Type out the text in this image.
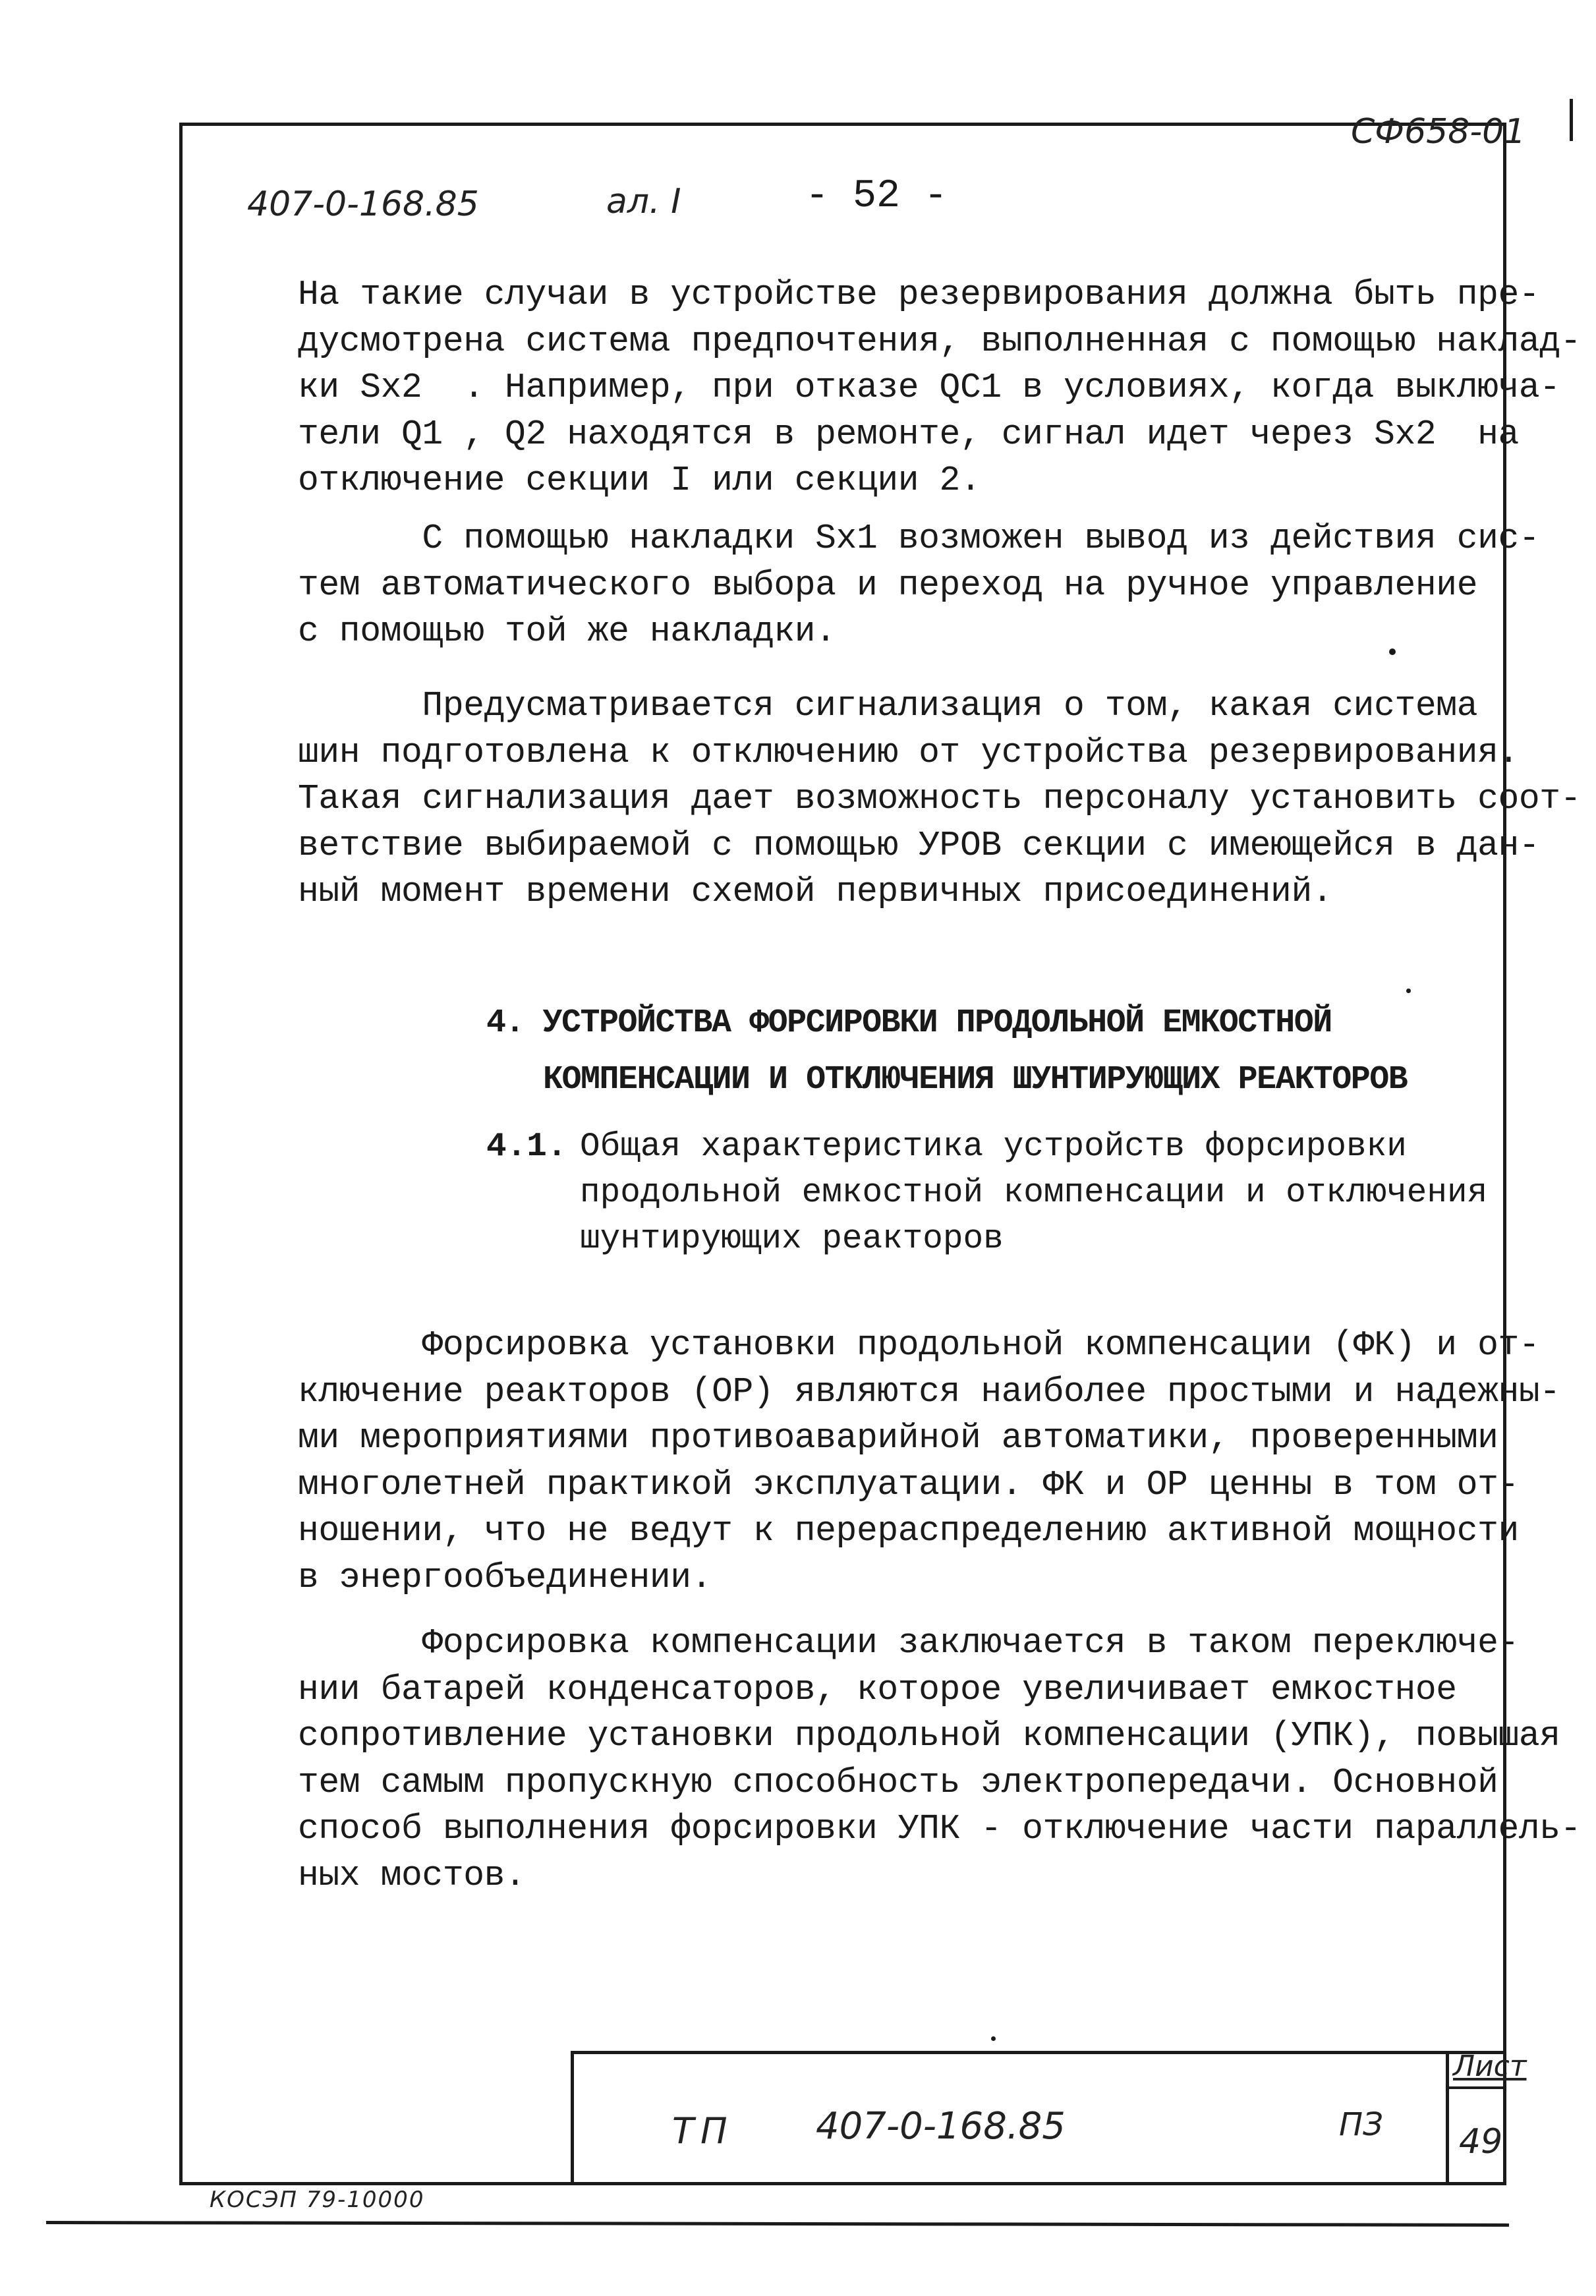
СФ658-01
407-0-168.85	ал. I	- 52 -
На такие случаи в устройстве резервирования должна быть пре-
дусмотрена система предпочтения, выполненная с помощью наклад-
ки Sх2  . Например, при отказе QC1 в условиях, когда выключа-
тели Q1 , Q2 находятся в ремонте, сигнал идет через Sх2  на
отключение секции I или секции 2.
С помощью накладки Sх1 возможен вывод из действия сис-
тем автоматического выбора и переход на ручное управление
с помощью той же накладки.
Предусматривается сигнализация о том, какая система
шин подготовлена к отключению от устройства резервирования.
Такая сигнализация дает возможность персоналу установить соот-
ветствие выбираемой с помощью УРОВ секции с имеющейся в дан-
ный момент времени схемой первичных присоединений.
4. УСТРОЙСТВА ФОРСИРОВКИ ПРОДОЛЬНОЙ ЕМКОСТНОЙ
КОМПЕНСАЦИИ И ОТКЛЮЧЕНИЯ ШУНТИРУЮЩИХ РЕАКТОРОВ
4.1. Общая характеристика устройств форсировки
продольной емкостной компенсации и отключения
шунтирующих реакторов
Форсировка установки продольной компенсации (ФК) и от-
ключение реакторов (ОР) являются наиболее простыми и надежны-
ми мероприятиями противоаварийной автоматики, проверенными
многолетней практикой эксплуатации. ФК и ОР ценны в том от-
ношении, что не ведут к перераспределению активной мощности
в энергообъединении.
Форсировка компенсации заключается в таком переключе-
нии батарей конденсаторов, которое увеличивает емкостное
сопротивление установки продольной компенсации (УПК), повышая
тем самым пропускную способность электропередачи. Основной
способ выполнения форсировки УПК - отключение части параллель-
ных мостов.
Лист
49
ТП 407-0-168.85	ПЗ
КОСЭП 79-10000
